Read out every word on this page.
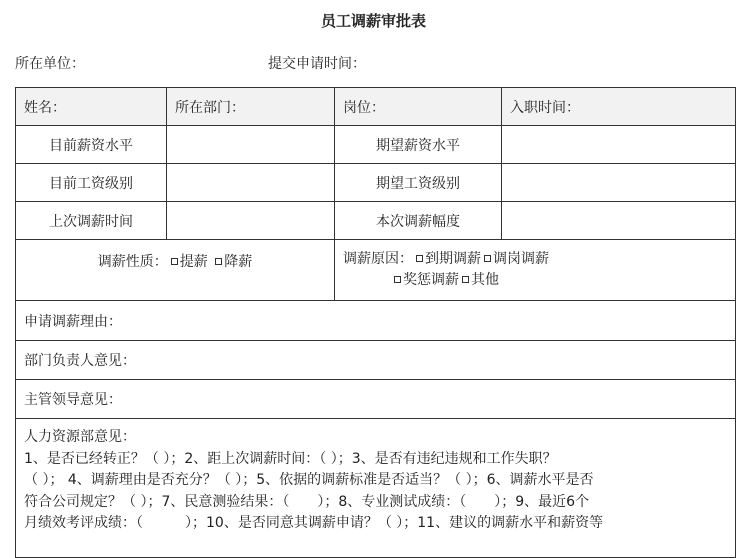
员工调薪审批表
所在单位：	提交申请时间：
姓名：	所在部门：	岗位：	入职时间：
目前薪资水平		期望薪资水平	
目前工资级别		期望工资级别	
上次调薪时间		本次调薪幅度	
调薪性质： 提薪 降薪		调薪原因： 到期调薪 调岗调薪
奖惩调薪 其他	
申请调薪理由：			
部门负责人意见：			
主管领导意见：			

人力资源部意见：
1、是否已经转正？（ ）；2、距上次调薪时间：（ ）；3、是否有违纪违规和工作失职？
（ ）； 4、调薪理由是否充分？（ ）；5、依据的调薪标准是否适当？（ ）；6、调薪水平是否
符合公司规定？（ ）；7、民意测验结果：（　　）；8、专业测试成绩：（　　）；9、最近6个
月绩效考评成绩：（　　　）；10、是否同意其调薪申请？（ ）；11、建议的调薪水平和薪资等			
